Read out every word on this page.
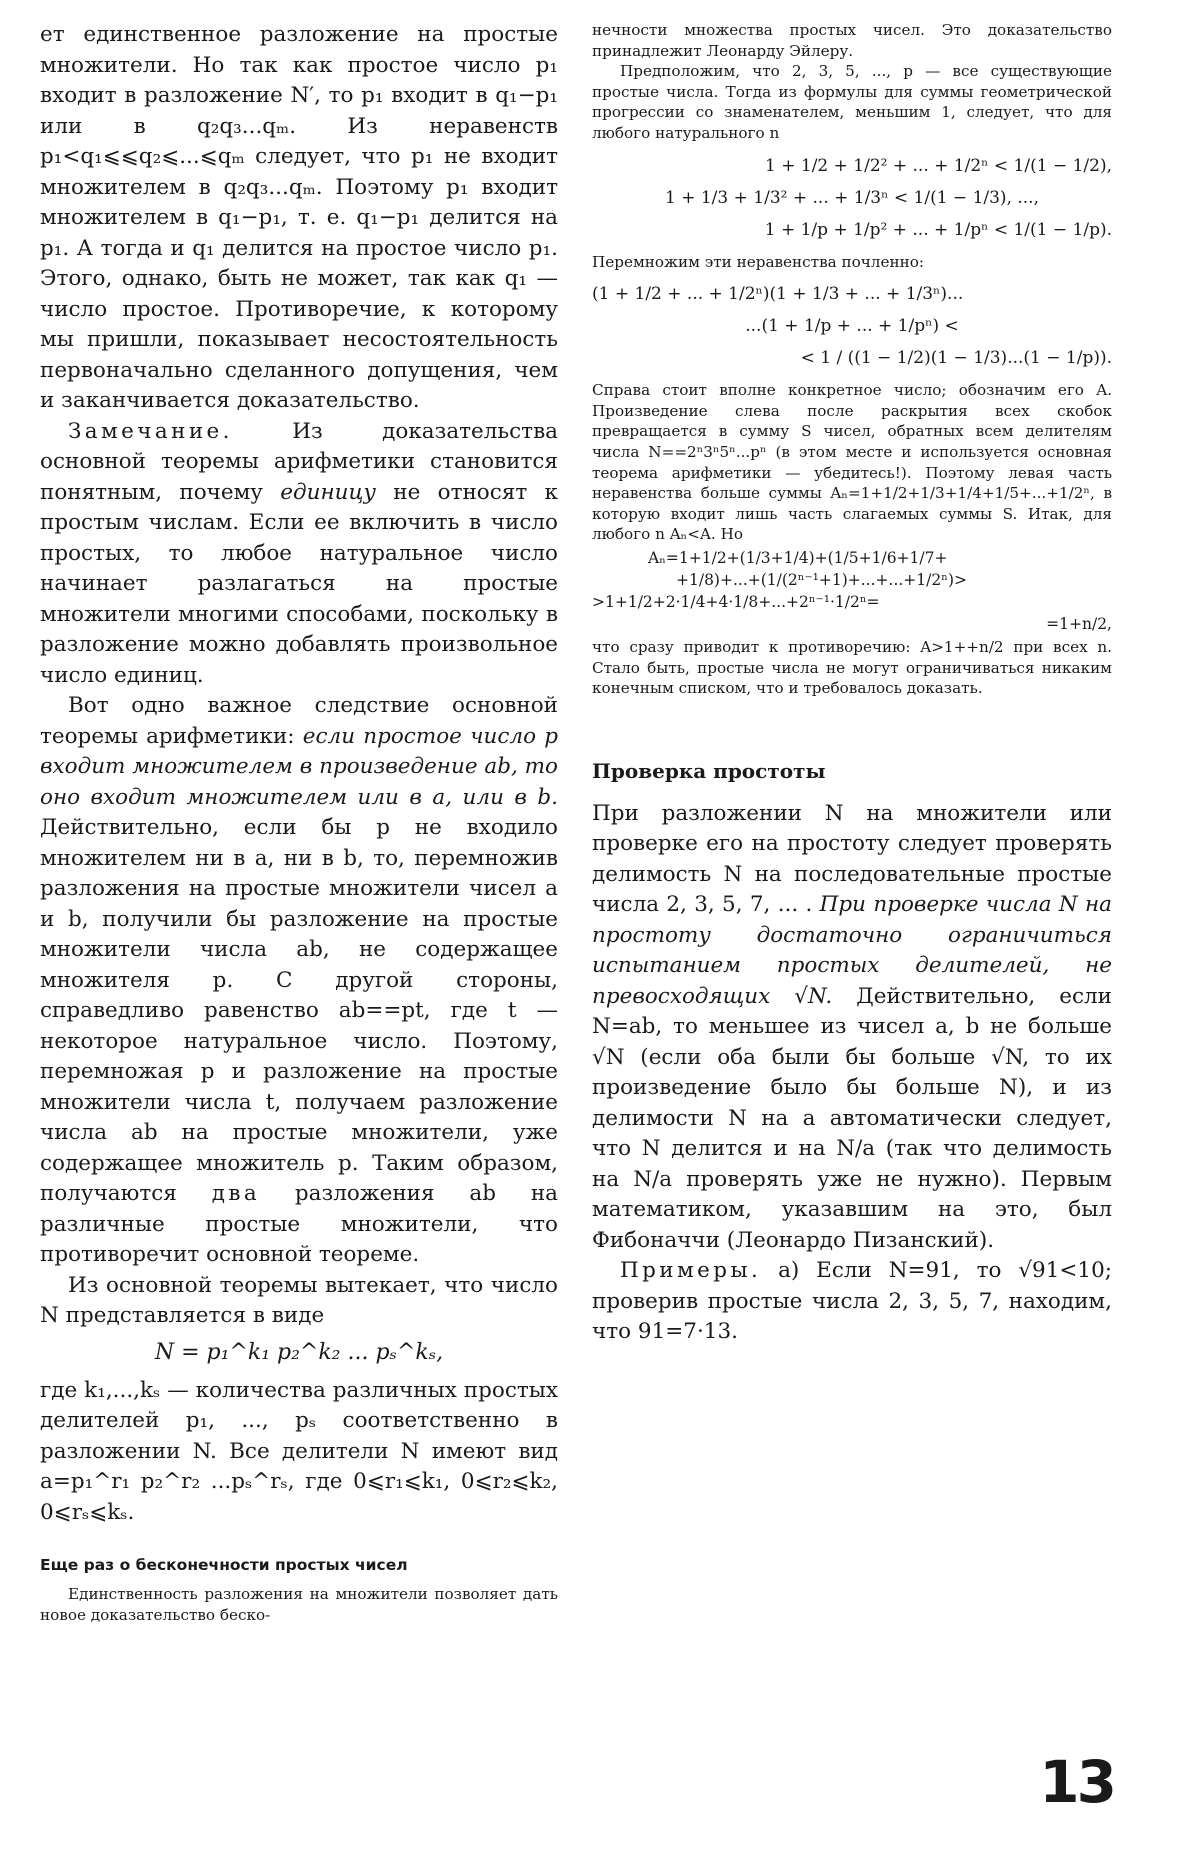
ет единственное разложение на простые множители. Но так как простое число p₁ входит в разложение N′, то p₁ входит в q₁−p₁ или в q₂q₃...qₘ. Из неравенств p₁<q₁⩽⩽q₂⩽...⩽qₘ следует, что p₁ не входит множителем в q₂q₃...qₘ. Поэтому p₁ входит множителем в q₁−p₁, т. е. q₁−p₁ делится на p₁. А тогда и q₁ делится на простое число p₁. Этого, однако, быть не может, так как q₁ — число простое. Противоречие, к которому мы пришли, показывает несостоятельность первоначально сделанного допущения, чем и заканчивается доказательство.

Замечание. Из доказательства основной теоремы арифметики становится понятным, почему единицу не относят к простым числам. Если ее включить в число простых, то любое натуральное число начинает разлагаться на простые множители многими способами, поскольку в разложение можно добавлять произвольное число единиц.

Вот одно важное следствие основной теоремы арифметики: если простое число p входит множителем в произведение ab, то оно входит множителем или в a, или в b. Действительно, если бы p не входило множителем ни в a, ни в b, то, перемножив разложения на простые множители чисел a и b, получили бы разложение на простые множители числа ab, не содержащее множителя p. С другой стороны, справедливо равенство ab==pt, где t — некоторое натуральное число. Поэтому, перемножая p и разложение на простые множители числа t, получаем разложение числа ab на простые множители, уже содержащее множитель p. Таким образом, получаются два разложения ab на различные простые множители, что противоречит основной теореме.

Из основной теоремы вытекает, что число N представляется в виде

N = p₁^k₁ p₂^k₂ ... pₛ^kₛ,

где k₁,...,kₛ — количества различных простых делителей p₁, ..., pₛ соответственно в разложении N. Все делители N имеют вид a=p₁^r₁ p₂^r₂ ...pₛ^rₛ, где 0⩽r₁⩽k₁, 0⩽r₂⩽k₂, 0⩽rₛ⩽kₛ.

Еще раз о бесконечности простых чисел

Единственность разложения на множители позволяет дать новое доказательство беско-

нечности множества простых чисел. Это доказательство принадлежит Леонарду Эйлеру.

Предположим, что 2, 3, 5, ..., p — все существующие простые числа. Тогда из формулы для суммы геометрической прогрессии со знаменателем, меньшим 1, следует, что для любого натурального n

1 + 1/2 + 1/2² + ... + 1/2ⁿ < 1/(1 − 1/2),
1 + 1/3 + 1/3² + ... + 1/3ⁿ < 1/(1 − 1/3), ...,
1 + 1/p + 1/p² + ... + 1/pⁿ < 1/(1 − 1/p).

Перемножим эти неравенства почленно:

(1 + 1/2 + ... + 1/2ⁿ)(1 + 1/3 + ... + 1/3ⁿ)...
...(1 + 1/p + ... + 1/pⁿ) <
< 1 / ((1 − 1/2)(1 − 1/3)...(1 − 1/p)).

Справа стоит вполне конкретное число; обозначим его A. Произведение слева после раскрытия всех скобок превращается в сумму S чисел, обратных всем делителям числа N==2ⁿ3ⁿ5ⁿ...pⁿ (в этом месте и используется основная теорема арифметики — убедитесь!). Поэтому левая часть неравенства больше суммы Aₙ=1+1/2+1/3+1/4+1/5+...+1/2ⁿ, в которую входит лишь часть слагаемых суммы S. Итак, для любого n Aₙ<A. Но

Aₙ=1+1/2+(1/3+1/4)+(1/5+1/6+1/7+
+1/8)+...+(1/(2ⁿ⁻¹+1)+...+...+1/2ⁿ)>
>1+1/2+2·1/4+4·1/8+...+2ⁿ⁻¹·1/2ⁿ=
=1+n/2,

что сразу приводит к противоречию: A>1++n/2 при всех n. Стало быть, простые числа не могут ограничиваться никаким конечным списком, что и требовалось доказать.

Проверка простоты

При разложении N на множители или проверке его на простоту следует проверять делимость N на последовательные простые числа 2, 3, 5, 7, ... . При проверке числа N на простоту достаточно ограничиться испытанием простых делителей, не превосходящих √N. Действительно, если N=ab, то меньшее из чисел a, b не больше √N (если оба были бы больше √N, то их произведение было бы больше N), и из делимости N на a автоматически следует, что N делится и на N/a (так что делимость на N/a проверять уже не нужно). Первым математиком, указавшим на это, был Фибоначчи (Леонардо Пизанский).

Примеры. а) Если N=91, то √91<10; проверив простые числа 2, 3, 5, 7, находим, что 91=7·13.

13
